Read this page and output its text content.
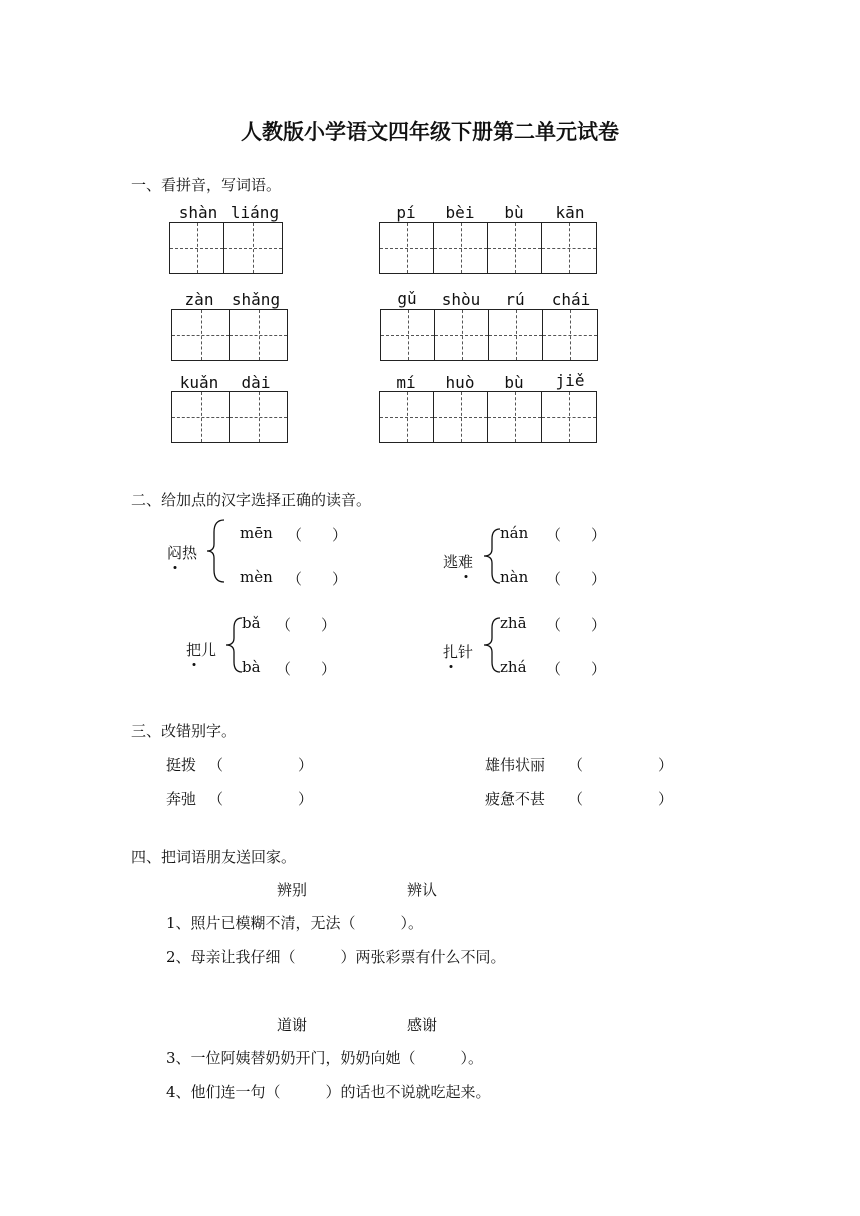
人教版小学语文四年级下册第二单元试卷
一、看拼音，写词语。
shàn liáng	pí	bèi	bù	kān
zàn	shǎng	gǔ	shòu	rú	chái
kuǎn	dài	mí	huò	bù	jiě
二、给加点的汉字选择正确的读音。
闷热
mēn （　　）
mèn （　　）
逃难
nán （　　）
nàn （　　）
把儿
bǎ （　　）
bà （　　）
扎针
zhā （　　）
zhá （　　）
三、改错别字。
挺拨 （　　　　　）	雄伟状丽 （　　　　　）
奔弛 （　　　　　）	疲惫不甚 （　　　　　）
四、把词语朋友送回家。
辨别	辨认
1、照片已模糊不清，无法（　　　）。
2、母亲让我仔细（　　　）两张彩票有什么不同。
道谢	感谢
3、一位阿姨替奶奶开门，奶奶向她（　　　）。
4、他们连一句（　　　）的话也不说就吃起来。
